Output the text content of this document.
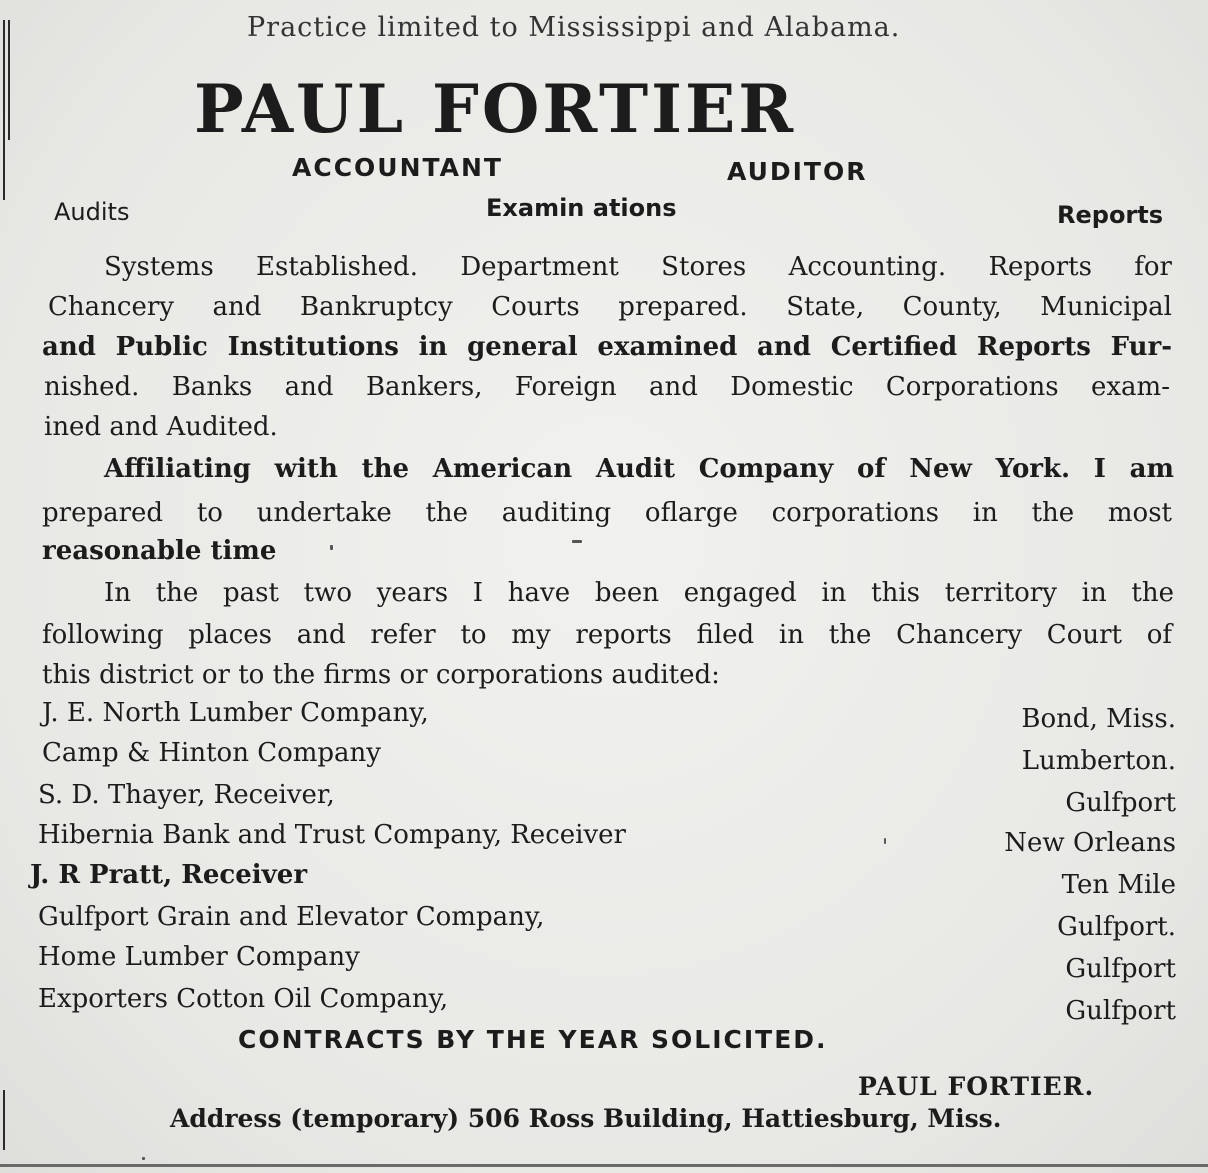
Practice limited to Mississippi and Alabama.
PAUL FORTIER
ACCOUNTANT	AUDITOR
Audits	Examin ations	Reports
Systems Established. Department Stores Accounting. Reports for
Chancery and Bankruptcy Courts prepared. State, County, Municipal
and Public Institutions in general examined and Certified Reports Fur-
nished. Banks and Bankers, Foreign and Domestic Corporations exam-
ined and Audited.
Affiliating with the American Audit Company of New York. I am
prepared to undertake the auditing oflarge corporations in the most
reasonable time
In the past two years I have been engaged in this territory in the
following places and refer to my reports filed in the Chancery Court of
this district or to the firms or corporations audited:
J. E. North Lumber Company,	Bond, Miss.
Camp & Hinton Company	Lumberton.
S. D. Thayer, Receiver,	Gulfport
Hibernia Bank and Trust Company, Receiver	New Orleans
J. R Pratt, Receiver	Ten Mile
Gulfport Grain and Elevator Company,	Gulfport.
Home Lumber Company	Gulfport
Exporters Cotton Oil Company,	Gulfport
CONTRACTS BY THE YEAR SOLICITED.
PAUL FORTIER.
Address (temporary) 506 Ross Building, Hattiesburg, Miss.
